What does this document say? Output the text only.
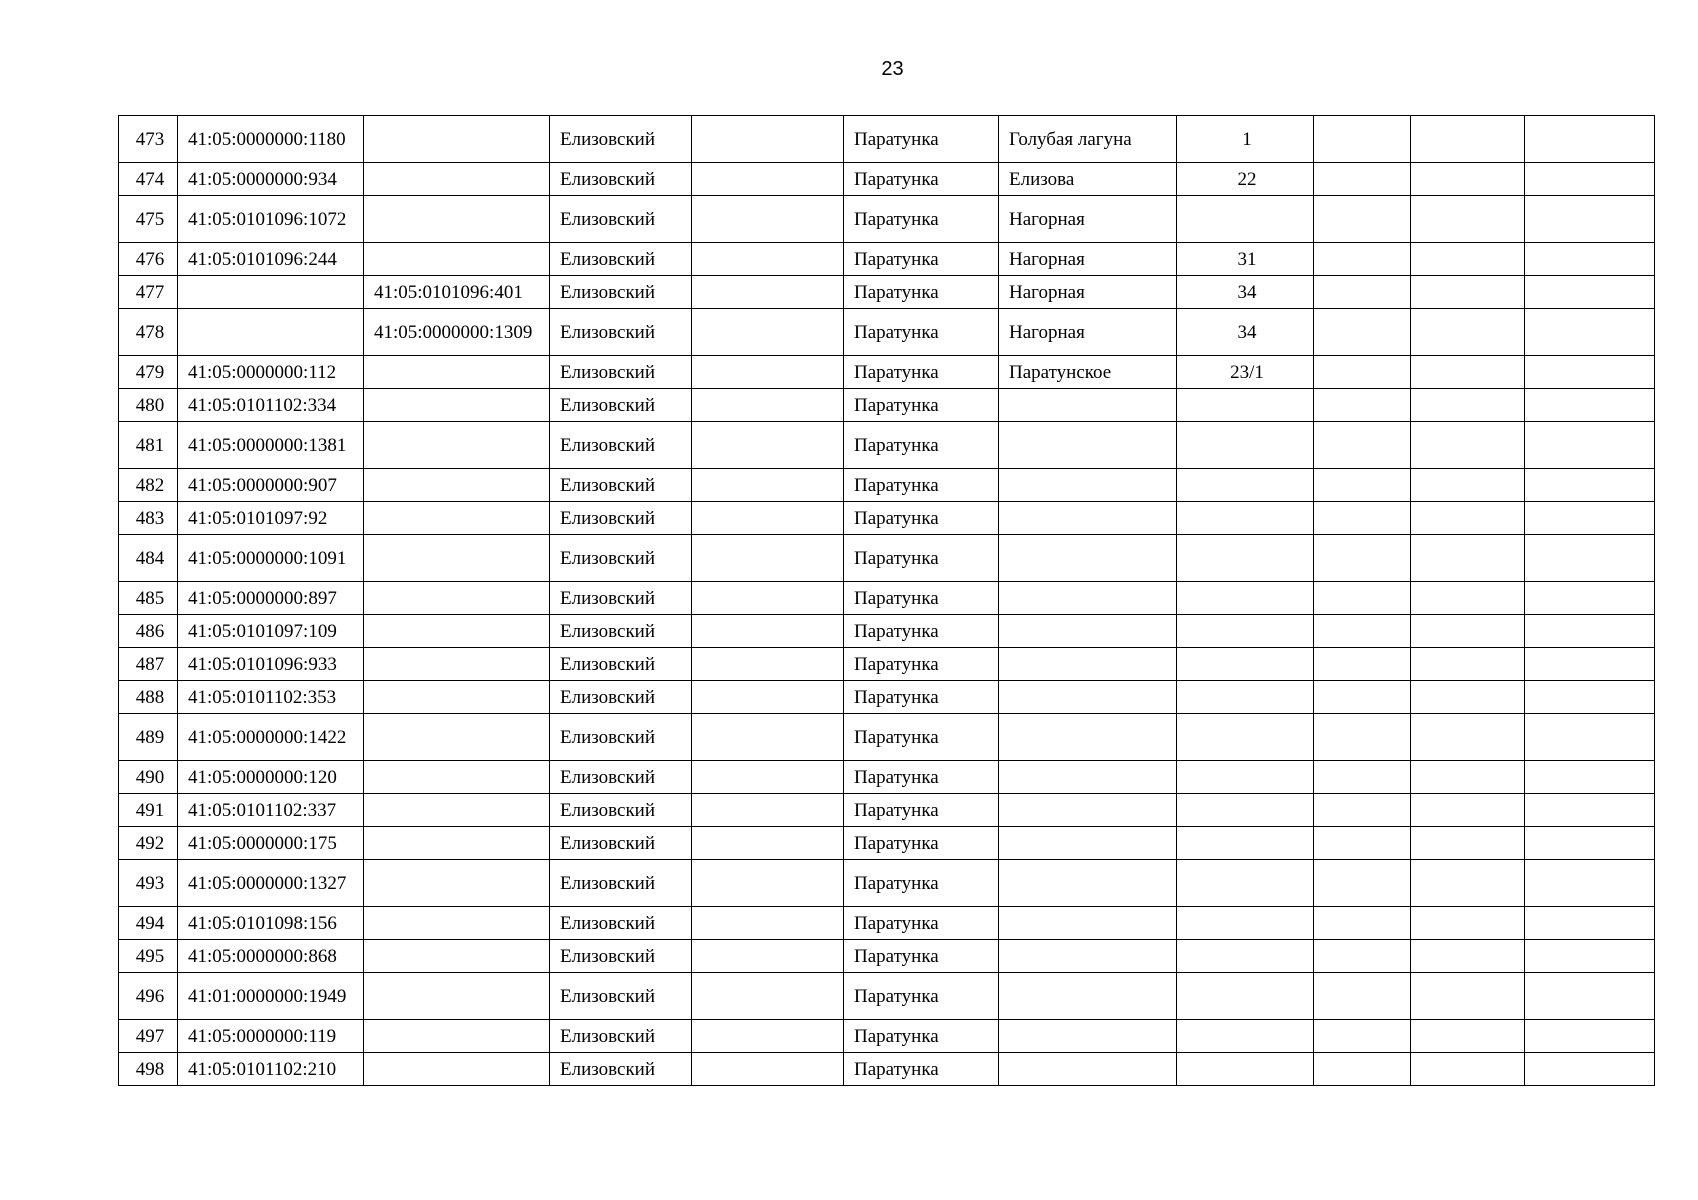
23
473	41:05:0000000:1180		Елизовский		Паратунка	Голубая лагуна	1			
474	41:05:0000000:934		Елизовский		Паратунка	Елизова	22			
475	41:05:0101096:1072		Елизовский		Паратунка	Нагорная				
476	41:05:0101096:244		Елизовский		Паратунка	Нагорная	31			
477		41:05:0101096:401	Елизовский		Паратунка	Нагорная	34			
478		41:05:0000000:1309	Елизовский		Паратунка	Нагорная	34			
479	41:05:0000000:112		Елизовский		Паратунка	Паратунское	23/1			
480	41:05:0101102:334		Елизовский		Паратунка					
481	41:05:0000000:1381		Елизовский		Паратунка					
482	41:05:0000000:907		Елизовский		Паратунка					
483	41:05:0101097:92		Елизовский		Паратунка					
484	41:05:0000000:1091		Елизовский		Паратунка					
485	41:05:0000000:897		Елизовский		Паратунка					
486	41:05:0101097:109		Елизовский		Паратунка					
487	41:05:0101096:933		Елизовский		Паратунка					
488	41:05:0101102:353		Елизовский		Паратунка					
489	41:05:0000000:1422		Елизовский		Паратунка					
490	41:05:0000000:120		Елизовский		Паратунка					
491	41:05:0101102:337		Елизовский		Паратунка					
492	41:05:0000000:175		Елизовский		Паратунка					
493	41:05:0000000:1327		Елизовский		Паратунка					
494	41:05:0101098:156		Елизовский		Паратунка					
495	41:05:0000000:868		Елизовский		Паратунка					
496	41:01:0000000:1949		Елизовский		Паратунка					
497	41:05:0000000:119		Елизовский		Паратунка					
498	41:05:0101102:210		Елизовский		Паратунка					
